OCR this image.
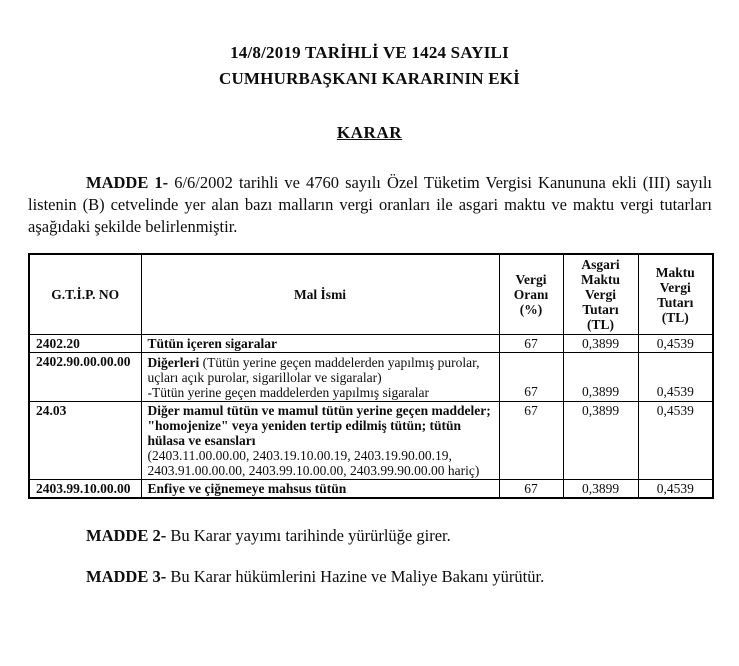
14/8/2019 TARİHLİ VE 1424 SAYILI
CUMHURBAŞKANI KARARININ EKİ
KARAR

MADDE 1- 6/6/2002 tarihli ve 4760 sayılı Özel Tüketim Vergisi Kanununa ekli (III) sayılı listenin (B) cetvelinde yer alan bazı malların vergi oranları ile asgari maktu ve maktu vergi tutarları aşağıdaki şekilde belirlenmiştir.

G.T.İ.P. NO	Mal İsmi	Vergi Oranı (%)	Asgari Maktu Vergi Tutarı (TL)	Maktu Vergi Tutarı (TL)
2402.20	Tütün içeren sigaralar	67	0,3899	0,4539
2402.90.00.00.00	Diğerleri (Tütün yerine geçen maddelerden yapılmış purolar, uçları açık purolar, sigarillolar ve sigaralar)
-Tütün yerine geçen maddelerden yapılmış sigaralar	67	0,3899	0,4539
24.03	Diğer mamul tütün ve mamul tütün yerine geçen maddeler; "homojenize" veya yeniden tertip edilmiş tütün; tütün hülasa ve esansları
(2403.11.00.00.00, 2403.19.10.00.19, 2403.19.90.00.19, 2403.91.00.00.00, 2403.99.10.00.00, 2403.99.90.00.00 hariç)	67	0,3899	0,4539
2403.99.10.00.00	Enfiye ve çiğnemeye mahsus tütün	67	0,3899	0,4539

MADDE 2- Bu Karar yayımı tarihinde yürürlüğe girer.

MADDE 3- Bu Karar hükümlerini Hazine ve Maliye Bakanı yürütür.
